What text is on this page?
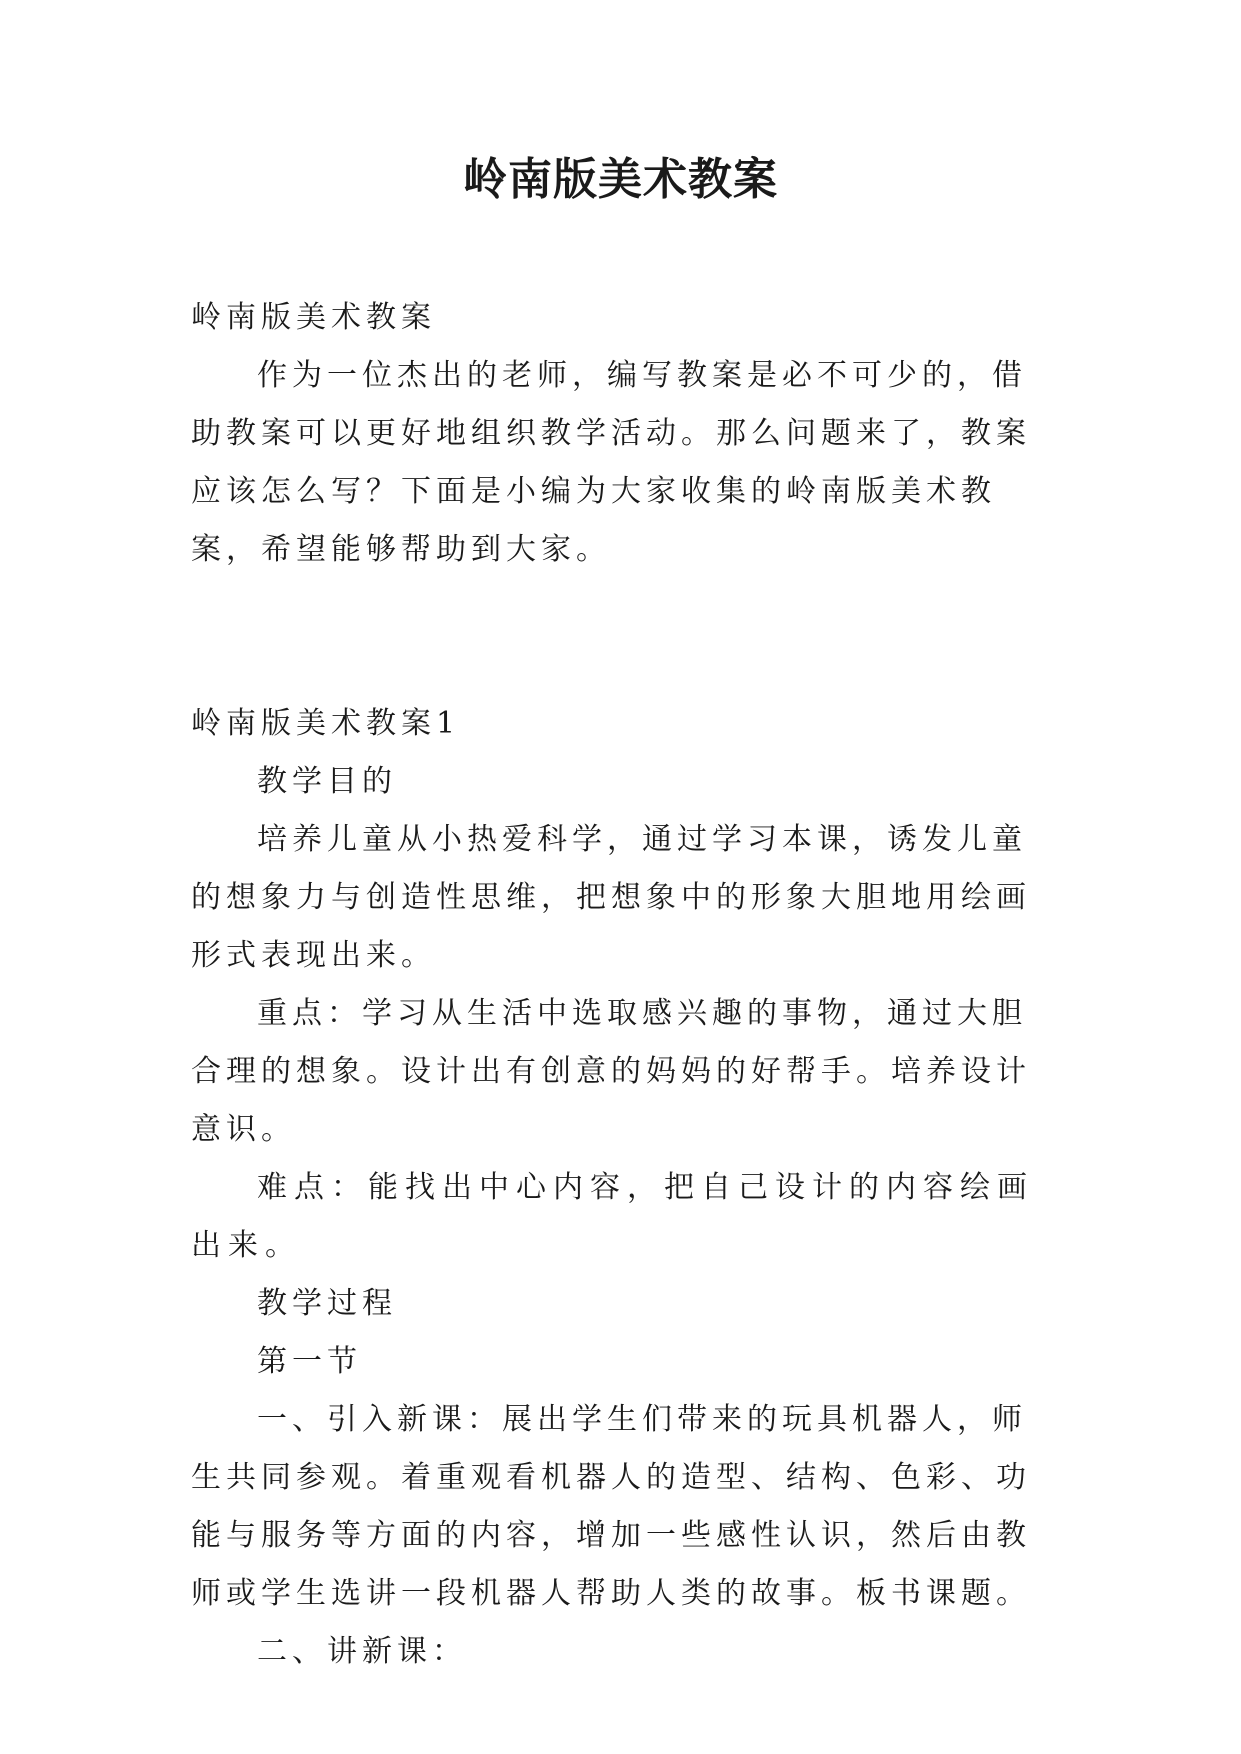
岭南版美术教案

岭南版美术教案

作为一位杰出的老师，编写教案是必不可少的，借助教案可以更好地组织教学活动。那么问题来了，教案应该怎么写？下面是小编为大家收集的岭南版美术教案，希望能够帮助到大家。

岭南版美术教案1

教学目的

培养儿童从小热爱科学，通过学习本课，诱发儿童的想象力与创造性思维，把想象中的形象大胆地用绘画形式表现出来。

重点：学习从生活中选取感兴趣的事物，通过大胆合理的想象。设计出有创意的妈妈的好帮手。培养设计意识。

难点：能找出中心内容，把自己设计的内容绘画出来。

教学过程

第一节

一、引入新课：展出学生们带来的玩具机器人，师生共同参观。着重观看机器人的造型、结构、色彩、功能与服务等方面的内容，增加一些感性认识，然后由教师或学生选讲一段机器人帮助人类的故事。板书课题。

二、讲新课：
